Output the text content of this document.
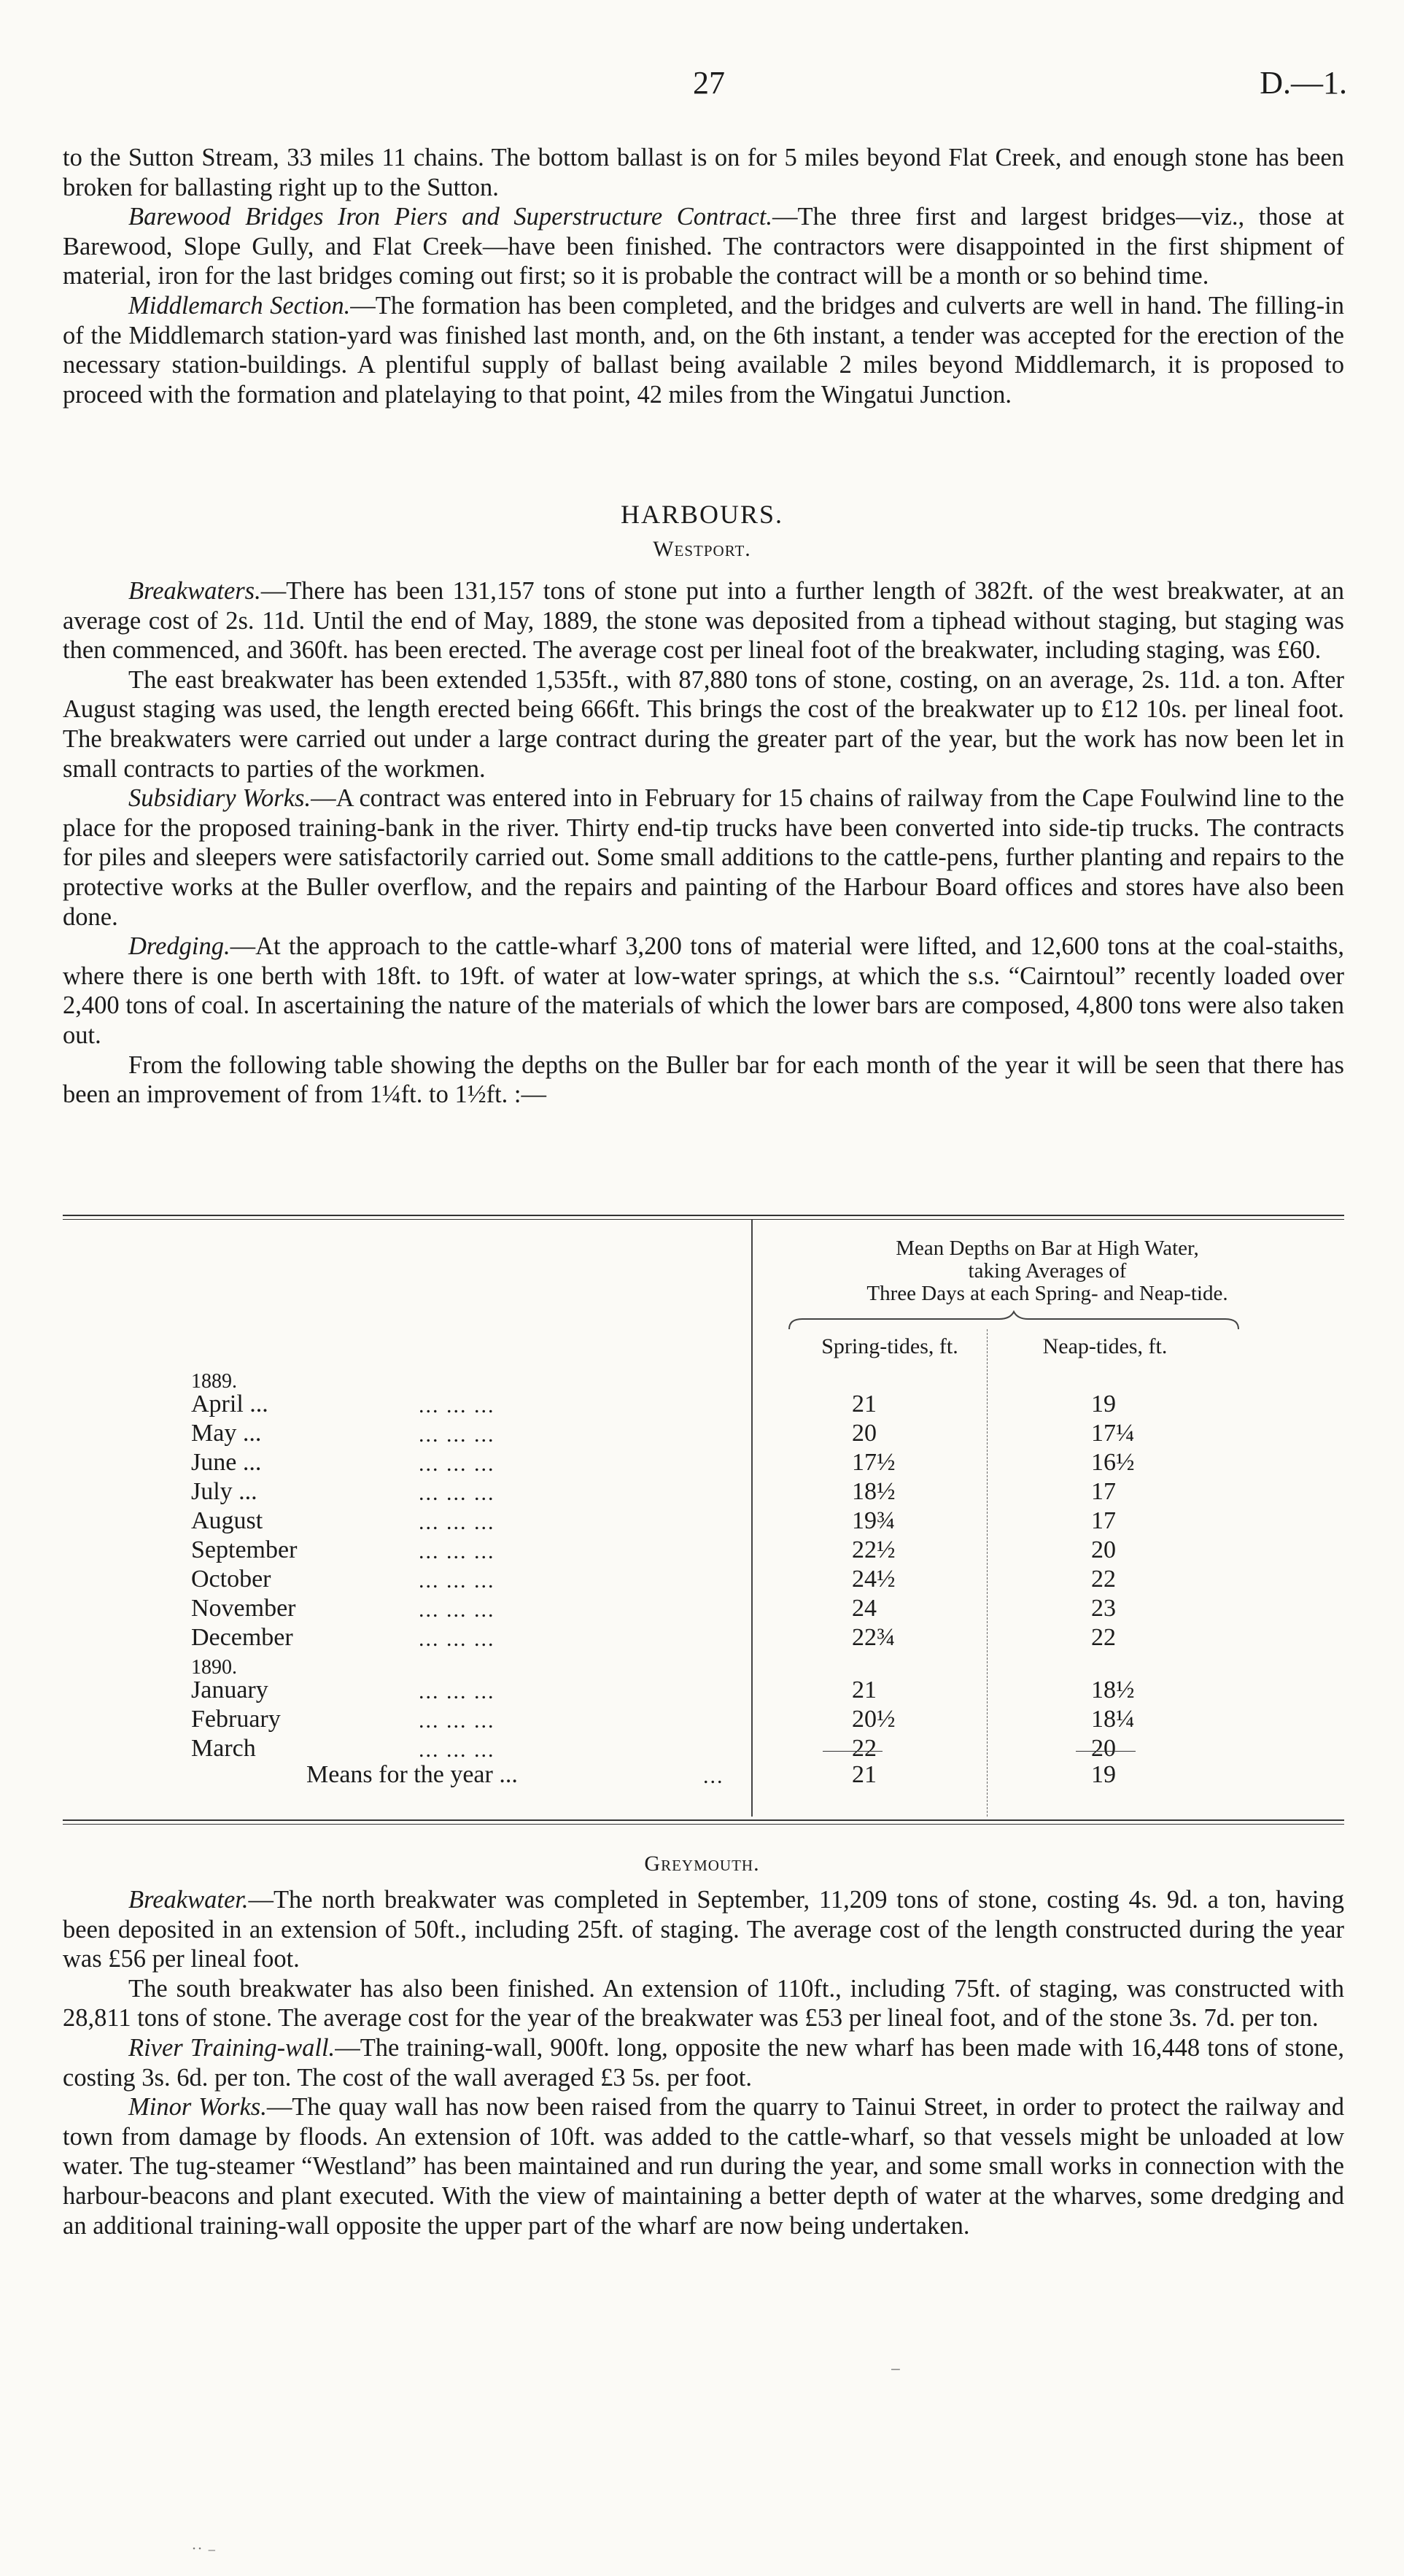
27	D.—1.

to the Sutton Stream, 33 miles 11 chains. The bottom ballast is on for 5 miles beyond Flat Creek, and enough stone has been broken for ballasting right up to the Sutton.

Barewood Bridges Iron Piers and Superstructure Contract.—The three first and largest bridges—viz., those at Barewood, Slope Gully, and Flat Creek—have been finished. The contractors were disappointed in the first shipment of material, iron for the last bridges coming out first; so it is probable the contract will be a month or so behind time.

Middlemarch Section.—The formation has been completed, and the bridges and culverts are well in hand. The filling-in of the Middlemarch station-yard was finished last month, and, on the 6th instant, a tender was accepted for the erection of the necessary station-buildings. A plentiful supply of ballast being available 2 miles beyond Middlemarch, it is proposed to proceed with the formation and platelaying to that point, 42 miles from the Wingatui Junction.

HARBOURS.
Westport.

Breakwaters.—There has been 131,157 tons of stone put into a further length of 382ft. of the west breakwater, at an average cost of 2s. 11d. Until the end of May, 1889, the stone was deposited from a tiphead without staging, but staging was then commenced, and 360ft. has been erected. The average cost per lineal foot of the breakwater, including staging, was £60.

The east breakwater has been extended 1,535ft., with 87,880 tons of stone, costing, on an average, 2s. 11d. a ton. After August staging was used, the length erected being 666ft. This brings the cost of the breakwater up to £12 10s. per lineal foot. The breakwaters were carried out under a large contract during the greater part of the year, but the work has now been let in small contracts to parties of the workmen.

Subsidiary Works.—A contract was entered into in February for 15 chains of railway from the Cape Foulwind line to the place for the proposed training-bank in the river. Thirty end-tip trucks have been converted into side-tip trucks. The contracts for piles and sleepers were satisfactorily carried out. Some small additions to the cattle-pens, further planting and repairs to the protective works at the Buller overflow, and the repairs and painting of the Harbour Board offices and stores have also been done.

Dredging.—At the approach to the cattle-wharf 3,200 tons of material were lifted, and 12,600 tons at the coal-staiths, where there is one berth with 18ft. to 19ft. of water at low-water springs, at which the s.s. “Cairntoul” recently loaded over 2,400 tons of coal. In ascertaining the nature of the materials of which the lower bars are composed, 4,800 tons were also taken out.

From the following table showing the depths on the Buller bar for each month of the year it will be seen that there has been an improvement of from 1¼ft. to 1½ft. :—

Mean Depths on Bar at High Water,
taking Averages of
Three Days at each Spring- and Neap-tide.
Spring-tides, ft.	Neap-tides, ft.
1889.
April ...	... ... ...	21	19
May ...	... ... ...	20	17¼
June ...	... ... ...	17½	16½
July ...	... ... ...	18½	17
August	... ... ...	19¾	17
September	... ... ...	22½	20
October	... ... ...	24½	22
November	... ... ...	24	23
December	... ... ...	22¾	22
1890.
January	... ... ...	21	18½
February	... ... ...	20½	18¼
March	... ... ...	22	20
Means for the year ...	...	21	19
Greymouth.

Breakwater.—The north breakwater was completed in September, 11,209 tons of stone, costing 4s. 9d. a ton, having been deposited in an extension of 50ft., including 25ft. of staging. The average cost of the length constructed during the year was £56 per lineal foot.

The south breakwater has also been finished. An extension of 110ft., including 75ft. of staging, was constructed with 28,811 tons of stone. The average cost for the year of the breakwater was £53 per lineal foot, and of the stone 3s. 7d. per ton.

River Training-wall.—The training-wall, 900ft. long, opposite the new wharf has been made with 16,448 tons of stone, costing 3s. 6d. per ton. The cost of the wall averaged £3 5s. per foot.

Minor Works.—The quay wall has now been raised from the quarry to Tainui Street, in order to protect the railway and town from damage by floods. An extension of 10ft. was added to the cattle-wharf, so that vessels might be unloaded at low water. The tug-steamer “Westland” has been maintained and run during the year, and some small works in connection with the harbour-beacons and plant executed. With the view of maintaining a better depth of water at the wharves, some dredging and an additional training-wall opposite the upper part of the wharf are now being undertaken.

⁻
˙˙ ⁻
